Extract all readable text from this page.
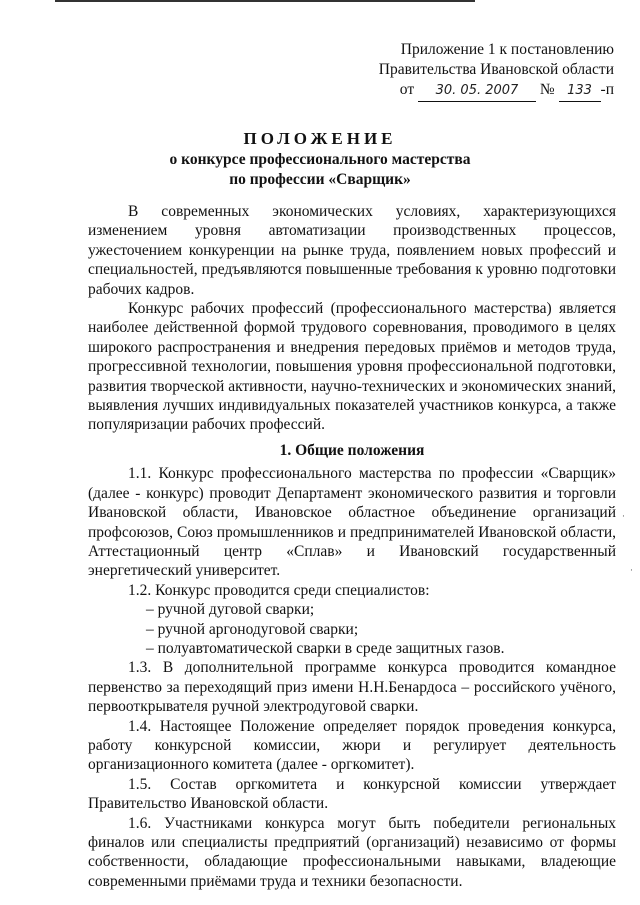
Приложение 1 к постановлению
Правительства Ивановской области
от 30. 05. 2007 № 133 -п
ПОЛОЖЕНИЕ
о конкурсе профессионального мастерства
по профессии «Сварщик»

В современных экономических условиях, характеризующихся изменением уровня автоматизации производственных процессов, ужесточением конкуренции на рынке труда, появлением новых профессий и специальностей, предъявляются повышенные требования к уровню подготовки рабочих кадров.

Конкурс рабочих профессий (профессионального мастерства) является наиболее действенной формой трудового соревнования, проводимого в целях широкого распространения и внедрения передовых приёмов и методов труда, прогрессивной технологии, повышения уровня профессиональной подготовки, развития творческой активности, научно-технических и экономических знаний, выявления лучших индивидуальных показателей участников конкурса, а также популяризации рабочих профессий.

1. Общие положения

1.1. Конкурс профессионального мастерства по профессии «Сварщик» (далее - конкурс) проводит Департамент экономического развития и торговли Ивановской области, Ивановское областное объединение организаций профсоюзов, Союз промышленников и предпринимателей Ивановской области, Аттестационный центр «Сплав» и Ивановский государственный энергетический университет.

1.2. Конкурс проводится среди специалистов:

– ручной дуговой сварки;

– ручной аргонодуговой сварки;

– полуавтоматической сварки в среде защитных газов.

1.3. В дополнительной программе конкурса проводится командное первенство за переходящий приз имени Н.Н.Бенардоса – российского учёного, первооткрывателя ручной электродуговой сварки.

1.4. Настоящее Положение определяет порядок проведения конкурса, работу конкурсной комиссии, жюри и регулирует деятельность организационного комитета (далее - оргкомитет).

1.5. Состав оргкомитета и конкурсной комиссии утверждает Правительство Ивановской области.

1.6. Участниками конкурса могут быть победители региональных финалов или специалисты предприятий (организаций) независимо от формы собственности, обладающие профессиональными навыками, владеющие современными приёмами труда и техники безопасности.

·
·
